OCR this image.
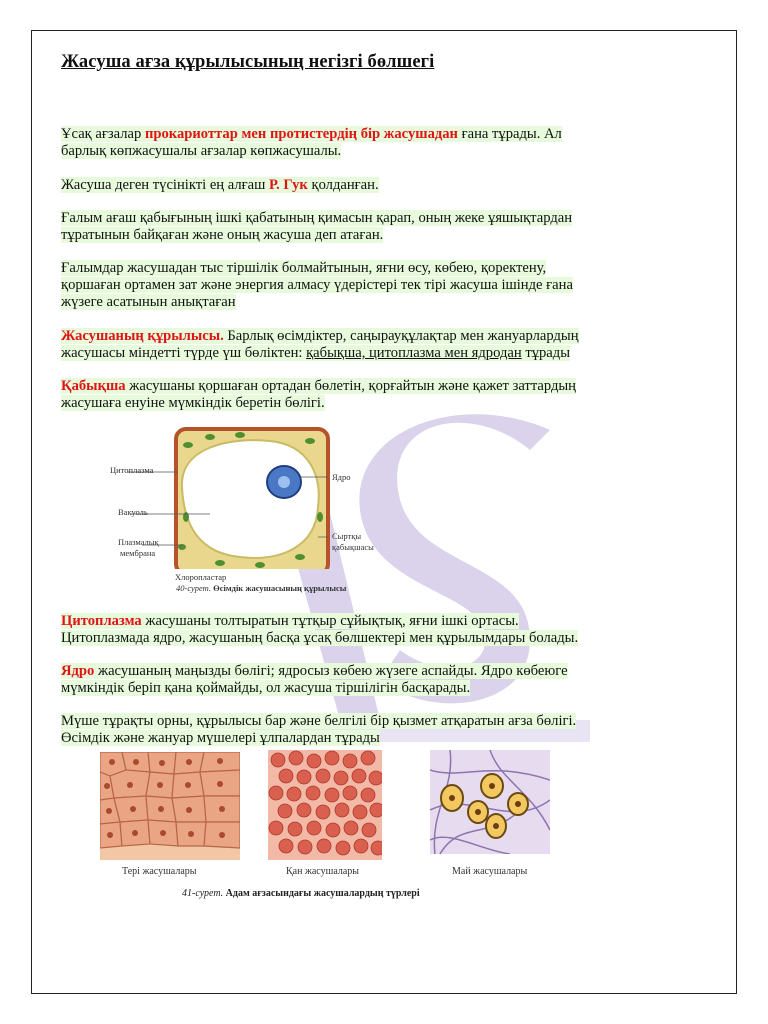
Жасуша ағза құрылысының негізгі бөлшегі

Ұсақ ағзалар прокариоттар мен протистердің бір жасушадан ғана тұрады. Ал
барлық көпжасушалы ағзалар көпжасушалы.

Жасуша деген түсінікті ең алғаш Р. Гук қолданған.

Ғалым ағаш қабығының ішкі қабатының қимасын қарап, оның жеке ұяшықтардан
тұратынын байқаған және оның жасуша деп атаған.

Ғалымдар жасушадан тыс тіршілік болмайтынын, яғни өсу, көбею, қоректену,
қоршаған ортамен зат және энергия алмасу үдерістері тек тірі жасуша ішінде ғана
жүзеге асатынын анықтаған

Жасушаның құрылысы. Барлық өсімдіктер, саңырауқұлақтар мен жануарлардың
жасушасы міндетті түрде үш бөліктен: қабықша, цитоплазма мен ядродан тұрады

Қабықша жасушаны қоршаған ортадан бөлетін, қорғайтын және қажет заттардың
жасушаға енуіне мүмкіндік беретін бөлігі.

Цитоплазма
Вакуоль
Плазмалық
мембрана
Ядро
Сыртқы
қабықшасы
Хлоропластар
40-сурет. Өсімдік жасушасының құрылысы

Цитоплазма жасушаны толтыратын тұтқыр сұйықтық, яғни ішкі ортасы.
Цитоплазмада ядро, жасушаның басқа ұсақ бөлшектері мен құрылымдары болады.

Ядро жасушаның маңызды бөлігі; ядросыз көбею жүзеге аспайды. Ядро көбеюге
мүмкіндік беріп қана қоймайды, ол жасуша тіршілігін басқарады.

Мүше тұрақты орны, құрылысы бар және белгілі бір қызмет атқаратын ағза бөлігі.
Өсімдік және жануар мүшелері ұлпалардан тұрады

Тері жасушалары	Қан жасушалары	Май жасушалары
41-сурет. Адам ағзасындағы жасушалардың түрлері
